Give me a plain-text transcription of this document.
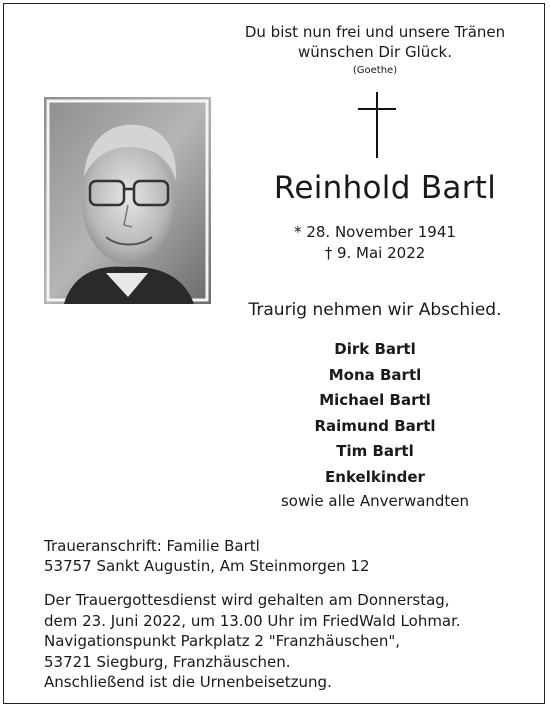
Du bist nun frei und unsere Tränen
wünschen Dir Glück.
(Goethe)
Reinhold Bartl
* 28. November 1941
† 9. Mai 2022
Traurig nehmen wir Abschied.
Dirk Bartl
Mona Bartl
Michael Bartl
Raimund Bartl
Tim Bartl
Enkelkinder
sowie alle Anverwandten
Traueranschrift: Familie Bartl
53757 Sankt Augustin, Am Steinmorgen 12
Der Trauergottesdienst wird gehalten am Donnerstag,
dem 23. Juni 2022, um 13.00 Uhr im FriedWald Lohmar.
Navigationspunkt Parkplatz 2 "Franzhäuschen",
53721 Siegburg, Franzhäuschen.
Anschließend ist die Urnenbeisetzung.
